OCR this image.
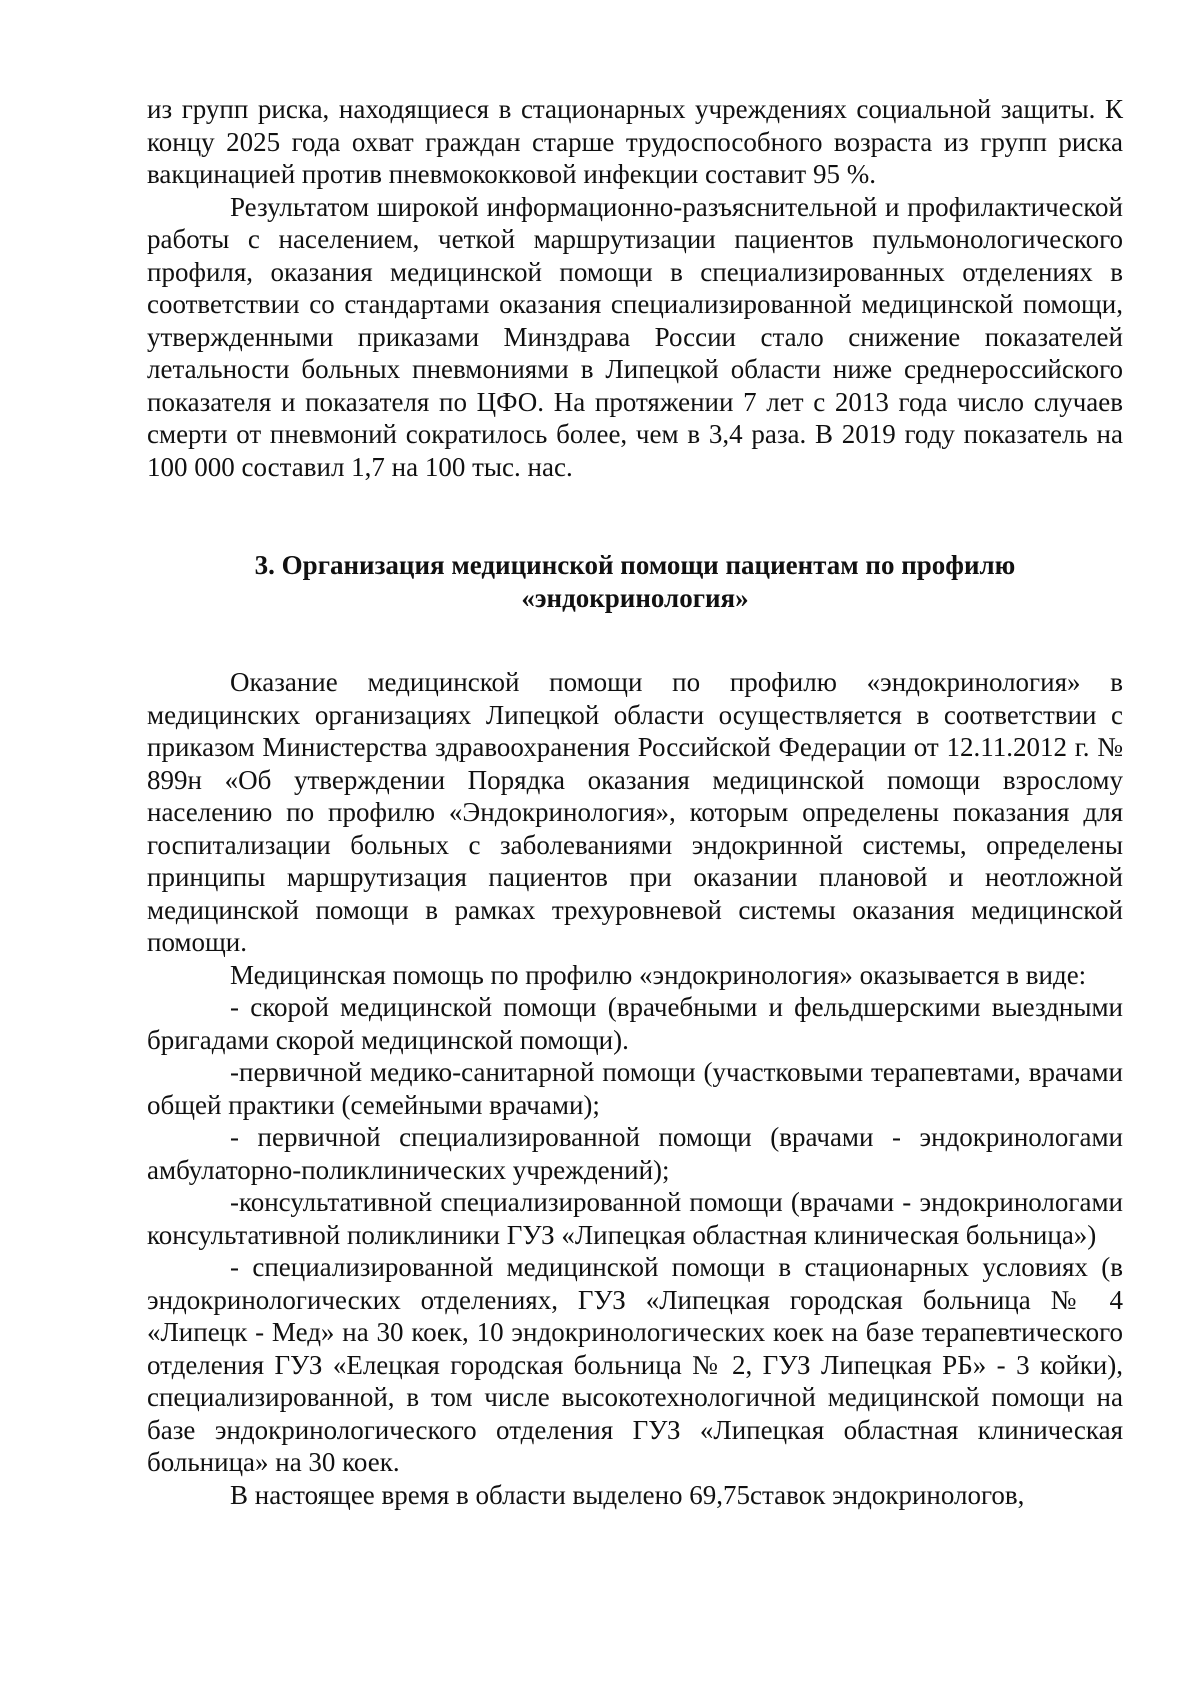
из групп риска, находящиеся в стационарных учреждениях социальной защиты. К концу 2025 года охват граждан старше трудоспособного возраста из групп риска вакцинацией против пневмококковой инфекции составит 95 %.

Результатом широкой информационно-разъяснительной и профилактической работы с населением, четкой маршрутизации пациентов пульмонологического профиля, оказания медицинской помощи в специализированных отделениях в соответствии со стандартами оказания специализированной медицинской помощи, утвержденными приказами Минздрава России стало снижение показателей летальности больных пневмониями в Липецкой области ниже среднероссийского показателя и показателя по ЦФО. На протяжении 7 лет с 2013 года число случаев смерти от пневмоний сократилось более, чем в 3,4 раза. В 2019 году показатель на 100 000 составил 1,7 на 100 тыс. нас.

3. Организация медицинской помощи пациентам по профилю
«эндокринология»

Оказание медицинской помощи по профилю «эндокринология» в медицинских организациях Липецкой области осуществляется в соответствии с приказом Министерства здравоохранения Российской Федерации от 12.11.2012 г. № 899н «Об утверждении Порядка оказания медицинской помощи взрослому населению по профилю «Эндокринология», которым определены показания для госпитализации больных с заболеваниями эндокринной системы, определены принципы маршрутизация пациентов при оказании плановой и неотложной медицинской помощи в рамках трехуровневой системы оказания медицинской помощи.

Медицинская помощь по профилю «эндокринология» оказывается в виде:

- скорой медицинской помощи (врачебными и фельдшерскими выездными бригадами скорой медицинской помощи).

-первичной медико-санитарной помощи (участковыми терапевтами, врачами общей практики (семейными врачами);

- первичной специализированной помощи (врачами - эндокринологами амбулаторно-поликлинических учреждений);

-консультативной специализированной помощи (врачами - эндокринологами консультативной поликлиники ГУЗ «Липецкая областная клиническая больница»)

- специализированной медицинской помощи в стационарных условиях (в эндокринологических отделениях, ГУЗ «Липецкая городская больница № 4 «Липецк - Мед» на 30 коек, 10 эндокринологических коек на базе терапевтического отделения ГУЗ «Елецкая городская больница № 2, ГУЗ Липецкая РБ» - 3 койки), специализированной, в том числе высокотехнологичной медицинской помощи на базе эндокринологического отделения ГУЗ «Липецкая областная клиническая больница» на 30 коек.

В настоящее время в области выделено 69,75ставок эндокринологов,
